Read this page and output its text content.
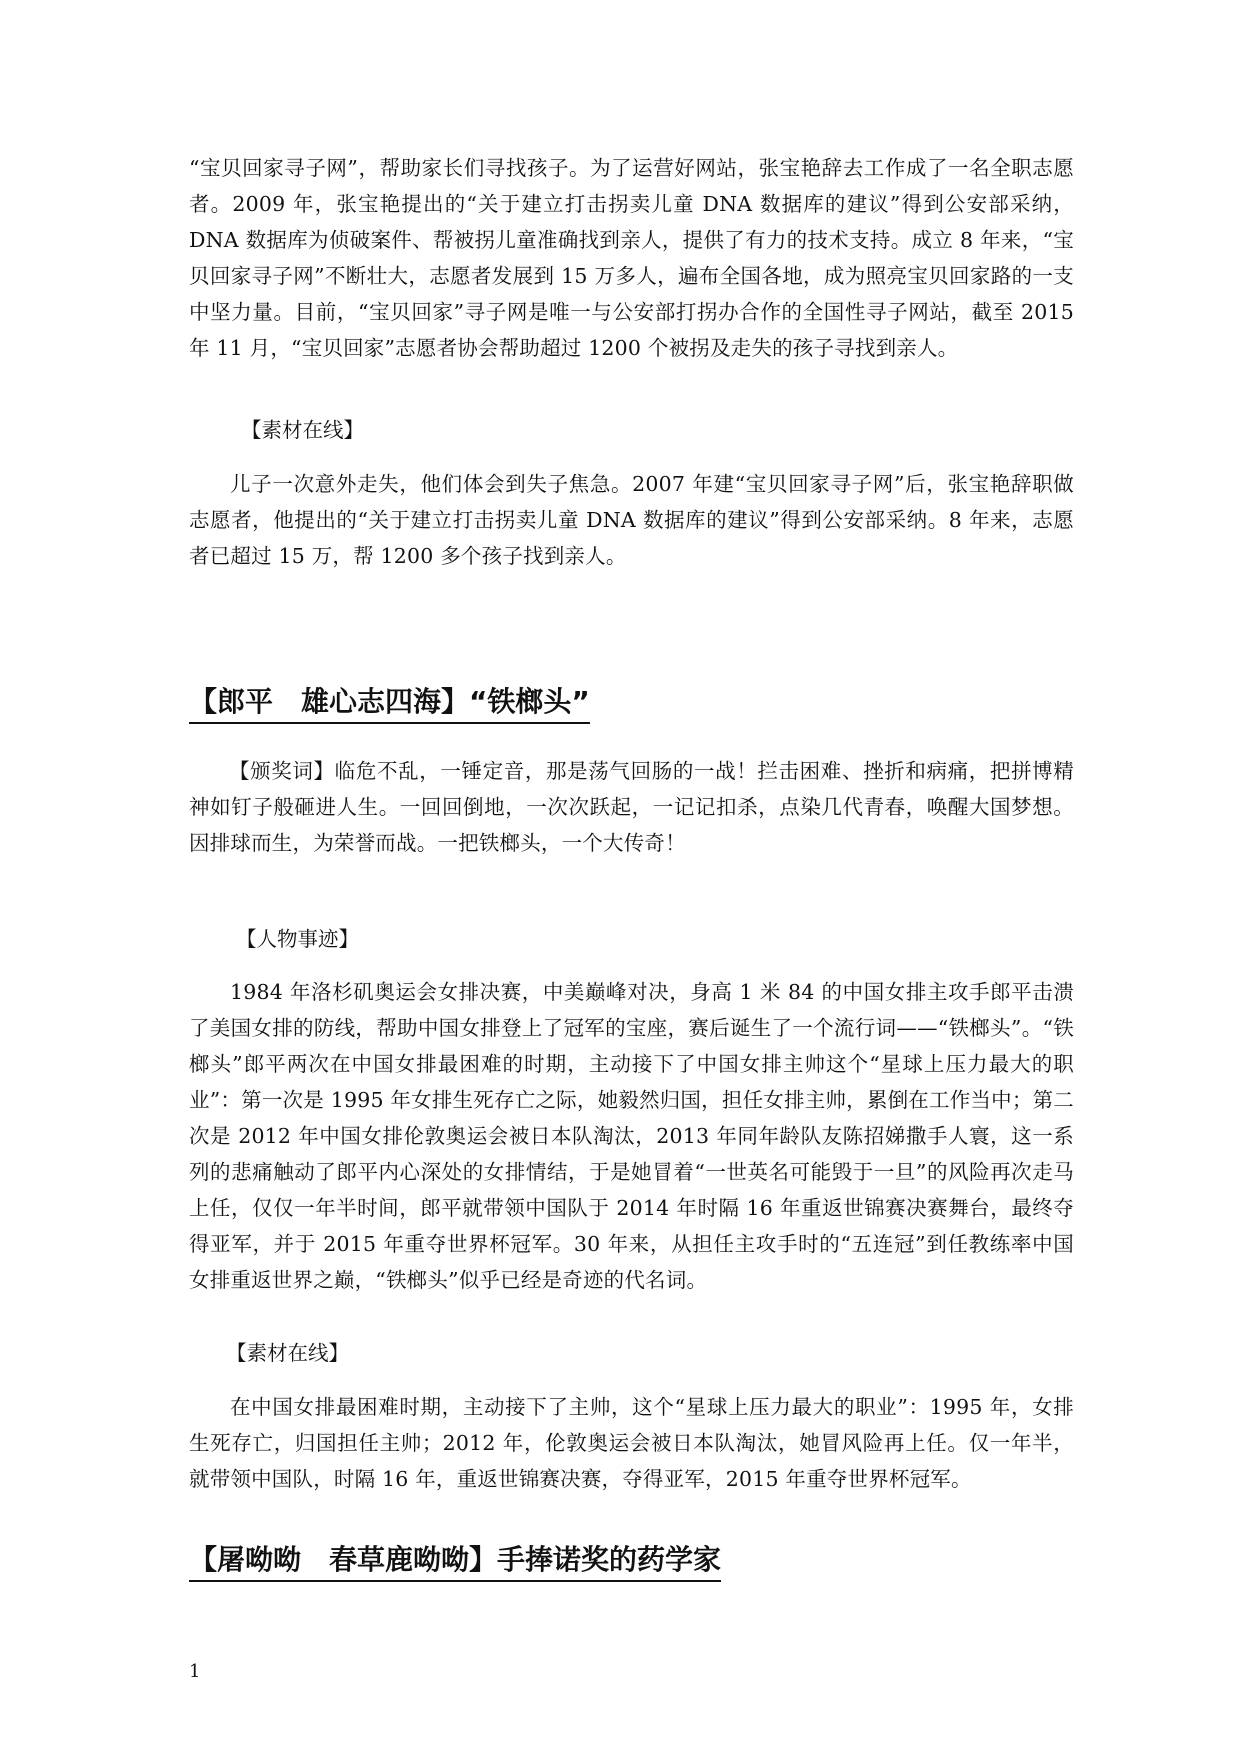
“宝贝回家寻子网”，帮助家长们寻找孩子。为了运营好网站，张宝艳辞去工作成了一名全职志愿者。2009 年，张宝艳提出的“关于建立打击拐卖儿童 DNA 数据库的建议”得到公安部采纳，DNA 数据库为侦破案件、帮被拐儿童准确找到亲人，提供了有力的技术支持。成立 8 年来，“宝贝回家寻子网”不断壮大，志愿者发展到 15 万多人，遍布全国各地，成为照亮宝贝回家路的一支中坚力量。目前，“宝贝回家”寻子网是唯一与公安部打拐办合作的全国性寻子网站，截至 2015 年 11 月，“宝贝回家”志愿者协会帮助超过 1200 个被拐及走失的孩子寻找到亲人。

【素材在线】

儿子一次意外走失，他们体会到失子焦急。2007 年建“宝贝回家寻子网”后，张宝艳辞职做志愿者，他提出的“关于建立打击拐卖儿童 DNA 数据库的建议”得到公安部采纳。8 年来，志愿者已超过 15 万，帮 1200 多个孩子找到亲人。

【郎平　雄心志四海】“铁榔头”

【颁奖词】临危不乱，一锤定音，那是荡气回肠的一战！拦击困难、挫折和病痛，把拼博精神如钉子般砸进人生。一回回倒地，一次次跃起，一记记扣杀，点染几代青春，唤醒大国梦想。因排球而生，为荣誉而战。一把铁榔头，一个大传奇！

【人物事迹】

1984 年洛杉矶奥运会女排决赛，中美巅峰对决，身高 1 米 84 的中国女排主攻手郎平击溃了美国女排的防线，帮助中国女排登上了冠军的宝座，赛后诞生了一个流行词——“铁榔头”。“铁榔头”郎平两次在中国女排最困难的时期，主动接下了中国女排主帅这个“星球上压力最大的职业”：第一次是 1995 年女排生死存亡之际，她毅然归国，担任女排主帅，累倒在工作当中；第二次是 2012 年中国女排伦敦奥运会被日本队淘汰，2013 年同年龄队友陈招娣撒手人寰，这一系列的悲痛触动了郎平内心深处的女排情结，于是她冒着“一世英名可能毁于一旦”的风险再次走马上任，仅仅一年半时间，郎平就带领中国队于 2014 年时隔 16 年重返世锦赛决赛舞台，最终夺得亚军，并于 2015 年重夺世界杯冠军。30 年来，从担任主攻手时的“五连冠”到任教练率中国女排重返世界之巅，“铁榔头”似乎已经是奇迹的代名词。

【素材在线】

在中国女排最困难时期，主动接下了主帅，这个“星球上压力最大的职业”：1995 年，女排生死存亡，归国担任主帅；2012 年，伦敦奥运会被日本队淘汰，她冒风险再上任。仅一年半，就带领中国队，时隔 16 年，重返世锦赛决赛，夺得亚军，2015 年重夺世界杯冠军。

【屠呦呦　春草鹿呦呦】手捧诺奖的药学家
1
